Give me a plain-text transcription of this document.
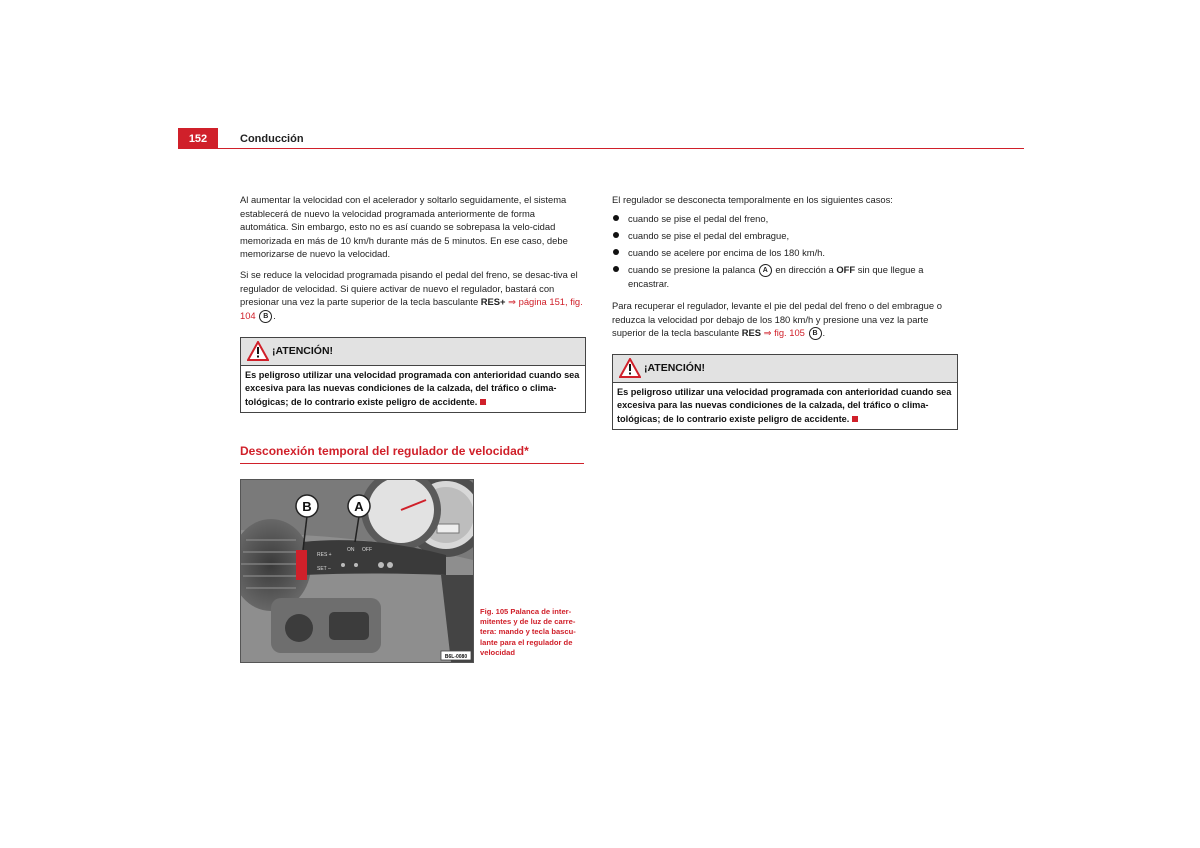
152	Conducción

Al aumentar la velocidad con el acelerador y soltarlo seguidamente, el sistema establecerá de nuevo la velocidad programada anteriormente de forma automática. Sin embargo, esto no es así cuando se sobrepasa la velo-cidad memorizada en más de 10 km/h durante más de 5 minutos. En ese caso, debe memorizarse de nuevo la velocidad.

Si se reduce la velocidad programada pisando el pedal del freno, se desac-tiva el regulador de velocidad. Si quiere activar de nuevo el regulador, bastará con presionar una vez la parte superior de la tecla basculante RES+ ⇒ página 151, fig. 104 B .

¡ATENCIÓN!
Es peligroso utilizar una velocidad programada con anterioridad cuando sea excesiva para las nuevas condiciones de la calzada, del tráfico o clima-tológicas; de lo contrario existe peligro de accidente.
Desconexión temporal del regulador de velocidad*
RES +
SET –
ON OFF
B	A
B6L-0080
Fig. 105 Palanca de inter-mitentes y de luz de carre-tera: mando y tecla bascu-lante para el regulador de velocidad

El regulador se desconecta temporalmente en los siguientes casos:

cuando se pise el pedal del freno,
cuando se pise el pedal del embrague,
cuando se acelere por encima de los 180 km/h.
cuando se presione la palanca A en dirección a OFF sin que llegue a encastrar.

Para recuperar el regulador, levante el pie del pedal del freno o del embrague o reduzca la velocidad por debajo de los 180 km/h y presione una vez la parte superior de la tecla basculante RES ⇒ fig. 105 B .

¡ATENCIÓN!
Es peligroso utilizar una velocidad programada con anterioridad cuando sea excesiva para las nuevas condiciones de la calzada, del tráfico o clima-tológicas; de lo contrario existe peligro de accidente.
